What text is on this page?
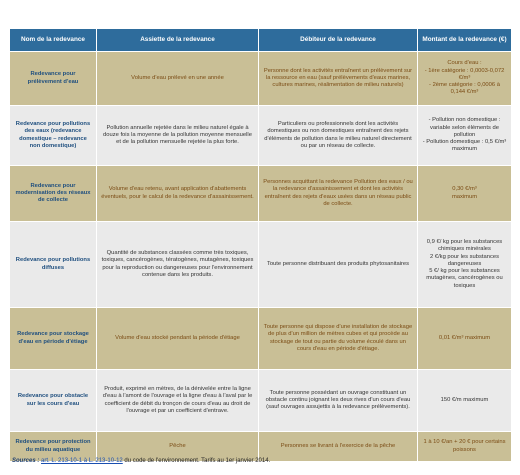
Nom de la redevance	Assiette de la redevance	Débiteur de la redevance	Montant de la redevance (€)
Redevance pour prélèvement d'eau	Volume d'eau prélevé en une année	Personne dont les activités entraînent un prélèvement sur la ressource en eau (sauf prélèvements d'eaux marines, cultures marines, réalimentation de milieu naturels)	Cours d'eau :
- 1ère catégorie : 0,0003-0,072 €/m³
- 2ème catégorie : 0,0006 à 0,144 €/m³

Redevance pour pollutions des eaux (redevance domestique – redevance non domestique)	Pollution annuelle rejetée dans le milieu naturel égale à douze fois la moyenne de la pollution moyenne mensuelle et de la pollution mensuelle rejetée la plus forte.	Particuliers ou professionnels dont les activités domestiques ou non domestiques entraînent des rejets d'éléments de pollution dans le milieu naturel directement ou par un réseau de collecte.	- Pollution non domestique : variable selon éléments de pollution
- Pollution domestique : 0,5 €/m³ maximum

Redevance pour modernisation des réseaux de collecte	Volume d'eau retenu, avant application d'abattements éventuels, pour le calcul de la redevance d'assainissement.	Personnes acquittant la redevance Pollution des eaux / ou la redevance d'assainissement et dont les activités entraînent des rejets d'eaux usées dans un réseau public de collecte.	0,30 €/m³
maximum

Redevance pour pollutions diffuses	Quantité de substances classées comme très toxiques, toxiques, cancérogènes, tératogènes, mutagènes, toxiques pour la reproduction ou dangereuses pour l'environnement contenue dans les produits.	Toute personne distribuant des produits phytosanitaires	0,9 €/ kg pour les substances chimiques minérales
2 €/kg pour les substances dangereuses
5 €/ kg pour les substances mutagènes, cancérogènes ou toxiques

Redevance pour stockage d'eau en période d'étiage	Volume d'eau stocké pendant la période d'étiage	Toute personne qui dispose d'une installation de stockage de plus d'un million de mètres cubes et qui procède au stockage de tout ou partie du volume écoulé dans un cours d'eau en période d'étiage.	0,01 €/m³ maximum

Redevance pour obstacle sur les cours d'eau	Produit, exprimé en mètres, de la dénivelée entre la ligne d'eau à l'amont de l'ouvrage et la ligne d'eau à l'aval par le coefficient de débit du tronçon de cours d'eau au droit de l'ouvrage et par un coefficient d'entrave.	Toute personne possédant un ouvrage constituant un obstacle continu joignant les deux rives d'un cours d'eau (sauf ouvrages assujettis à la redevance prélèvements).	150 €/m maximum

Redevance pour protection du milieu aquatique	Pêche	Personnes se livrant à l'exercice de la pêche	1 à 10 €/an + 20 € pour certains poissons
Sources : art. L. 213-10-1 à L. 213-10-12 du code de l'environnement. Tarifs au 1er janvier 2014.
